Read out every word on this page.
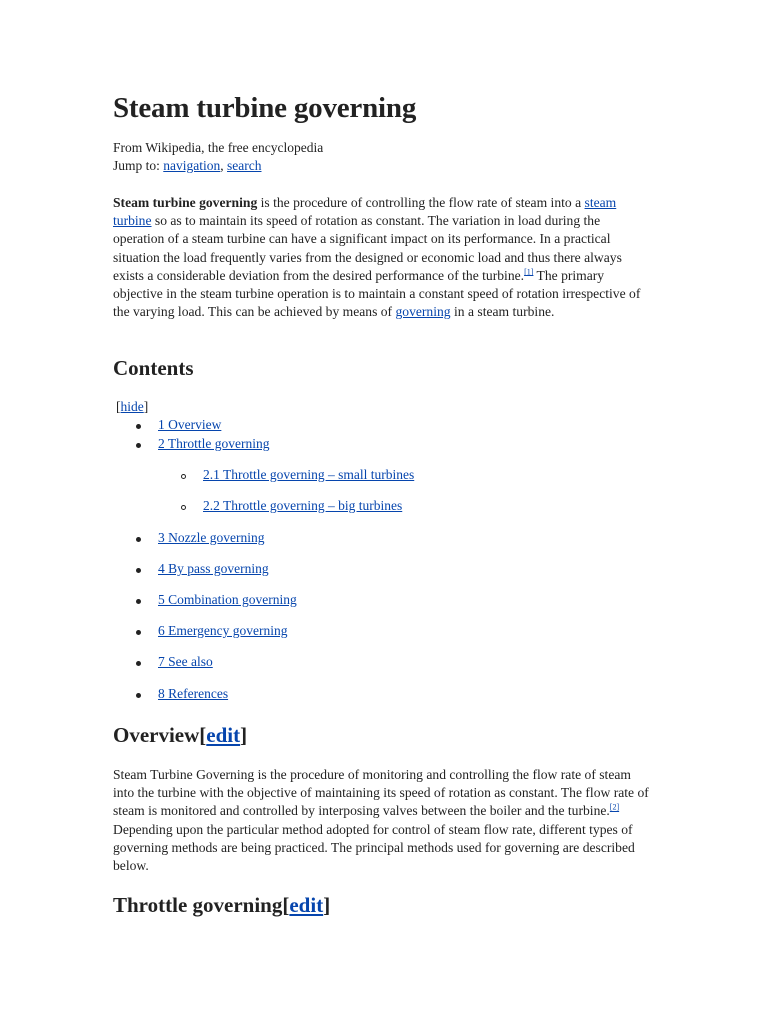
Steam turbine governing
From Wikipedia, the free encyclopedia
Jump to: navigation, search

Steam turbine governing is the procedure of controlling the flow rate of steam into a steam turbine so as to maintain its speed of rotation as constant. The variation in load during the operation of a steam turbine can have a significant impact on its performance. In a practical situation the load frequently varies from the designed or economic load and thus there always exists a considerable deviation from the desired performance of the turbine.[1] The primary objective in the steam turbine operation is to maintain a constant speed of rotation irrespective of the varying load. This can be achieved by means of governing in a steam turbine.

Contents
[hide]
1 Overview
2 Throttle governing
2.1 Throttle governing – small turbines
2.2 Throttle governing – big turbines
3 Nozzle governing
4 By pass governing
5 Combination governing
6 Emergency governing
7 See also
8 References
Overview[edit]

Steam Turbine Governing is the procedure of monitoring and controlling the flow rate of steam into the turbine with the objective of maintaining its speed of rotation as constant. The flow rate of steam is monitored and controlled by interposing valves between the boiler and the turbine.[2] Depending upon the particular method adopted for control of steam flow rate, different types of governing methods are being practiced. The principal methods used for governing are described below.

Throttle governing[edit]
